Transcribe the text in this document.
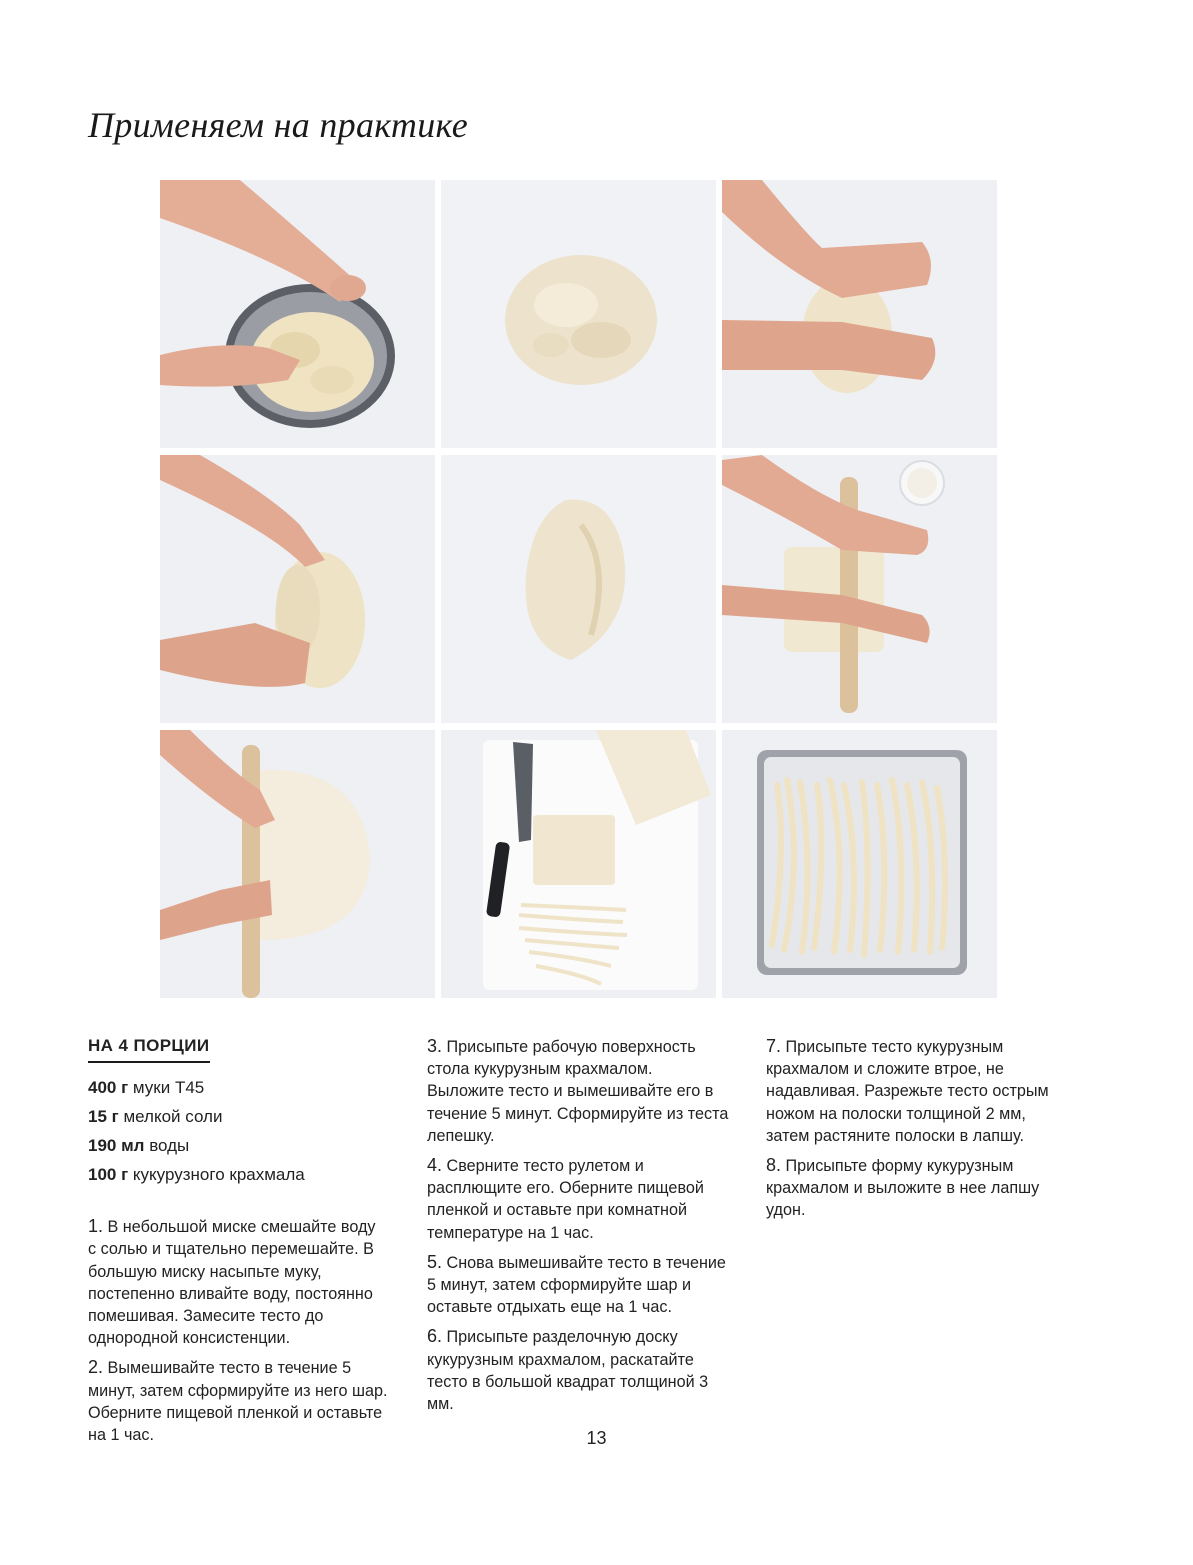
Применяем на практике
НА 4 ПОРЦИИ
400 г муки Т45
15 г мелкой соли
190 мл воды
100 г кукурузного крахмала

1. В небольшой миске смешайте воду с солью и тщательно перемешайте. В большую миску насыпьте муку, постепенно вливайте воду, постоянно помешивая. Замесите тесто до однородной консистенции.

2. Вымешивайте тесто в течение 5 минут, затем сформируйте из него шар. Оберните пищевой пленкой и оставьте на 1 час.

3. Присыпьте рабочую поверхность стола кукурузным крахмалом. Выложите тесто и вымешивайте его в течение 5 минут. Сформируйте из теста лепешку.

4. Сверните тесто рулетом и расплющите его. Оберните пищевой пленкой и оставьте при комнатной температуре на 1 час.

5. Снова вымешивайте тесто в течение 5 минут, затем сформируйте шар и оставьте отдыхать еще на 1 час.

6. Присыпьте разделочную доску кукурузным крахмалом, раскатайте тесто в большой квадрат толщиной 3 мм.

7. Присыпьте тесто кукурузным крахмалом и сложите втрое, не надавливая. Разрежьте тесто острым ножом на полоски толщиной 2 мм, затем растяните полоски в лапшу.

8. Присыпьте форму кукурузным крахмалом и выложите в нее лапшу удон.

13
